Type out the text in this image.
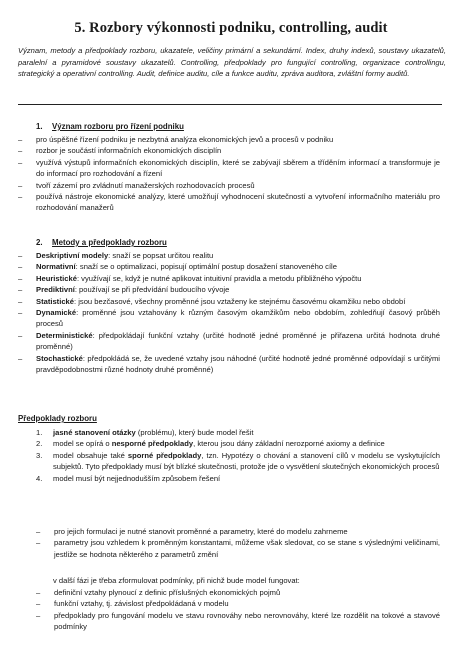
5. Rozbory výkonnosti podniku, controlling, audit

Význam, metody a předpoklady rozboru, ukazatele, veličiny primární a sekundární. Index, druhy indexů, soustavy ukazatelů, paralelní a pyramidové soustavy ukazatelů. Controlling, předpoklady pro fungující controlling, organizace controllingu, strategický a operativní controlling. Audit, definice auditu, cíle a funkce auditu, zpráva auditora, zvláštní formy auditů.

1. Význam rozboru pro řízení podniku

– pro úspěšné řízení podniku je nezbytná analýza ekonomických jevů a procesů v podniku
– rozbor je součástí informačních ekonomických disciplín
– využívá výstupů informačních ekonomických disciplín, které se zabývají sběrem a tříděním informací a transformuje je do informací pro rozhodování a řízení
– tvoří zázemí pro zvládnutí manažerských rozhodovacích procesů
– používá nástroje ekonomické analýzy, které umožňují vyhodnocení skutečností a vytvoření informačního materiálu pro rozhodování manažerů

2. Metody a předpoklady rozboru

– Deskriptivní modely: snaží se popsat určitou realitu
– Normativní: snaží se o optimalizaci, popisují optimální postup dosažení stanoveného cíle
– Heuristické: využívají se, když je nutné aplikovat intuitivní pravidla a metodu přibližného výpočtu
– Prediktivní: používají se při předvídání budoucího vývoje
– Statistické: jsou bezčasové, všechny proměnné jsou vztaženy ke stejnému časovému okamžiku nebo období
– Dynamické: proměnné jsou vztahovány k různým časovým okamžikům nebo obdobím, zohledňují časový průběh procesů
– Deterministické: předpokládají funkční vztahy (určité hodnotě jedné proměnné je přiřazena určitá hodnota druhé proměnné)
– Stochastické: předpokládá se, že uvedené vztahy jsou náhodné (určité hodnotě jedné proměnné odpovídají s určitými pravděpodobnostmi různé hodnoty druhé proměnné)

Předpoklady rozboru

1. jasné stanovení otázky (problému), který bude model řešit
2. model se opírá o nesporné předpoklady, kterou jsou dány základní nerozporné axiomy a definice
3. model obsahuje také sporné předpoklady, tzn. Hypotézy o chování a stanovení cílů v modelu se vyskytujících subjektů. Tyto předpoklady musí být blízké skutečnosti, protože jde o vysvětlení skutečných ekonomických procesů
4. model musí být nejjednodušším způsobem řešení
– pro jejich formulaci je nutné stanovit proměnné a parametry, které do modelu zahrneme
– parametry jsou vzhledem k proměnným konstantami, můžeme však sledovat, co se stane s výslednými veličinami, jestliže se hodnota některého z parametrů změní

v další fázi je třeba zformulovat podmínky, při nichž bude model fungovat:

– definiční vztahy plynoucí z definic příslušných ekonomických pojmů
– funkční vztahy, tj. závislost předpokládaná v modelu
– předpoklady pro fungování modelu ve stavu rovnováhy nebo nerovnováhy, které lze rozdělit na tokové a stavové podmínky
